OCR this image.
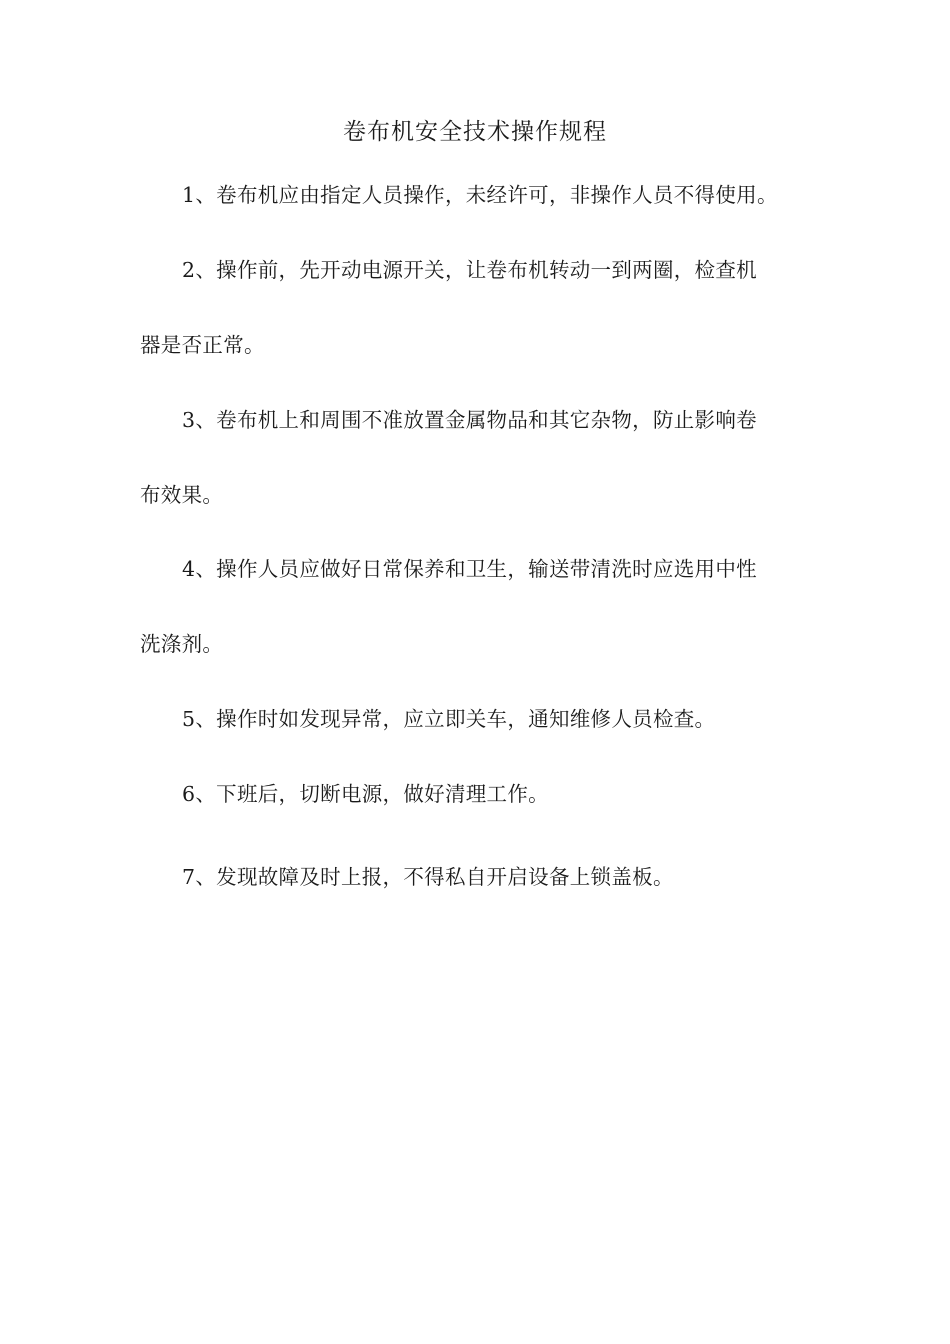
卷布机安全技术操作规程
1、卷布机应由指定人员操作，未经许可，非操作人员不得使用。
2、操作前，先开动电源开关，让卷布机转动一到两圈，检查机
器是否正常。
3、卷布机上和周围不准放置金属物品和其它杂物，防止影响卷
布效果。
4、操作人员应做好日常保养和卫生，输送带清洗时应选用中性
洗涤剂。
5、操作时如发现异常，应立即关车，通知维修人员检查。
6、下班后，切断电源，做好清理工作。
7、发现故障及时上报，不得私自开启设备上锁盖板。
